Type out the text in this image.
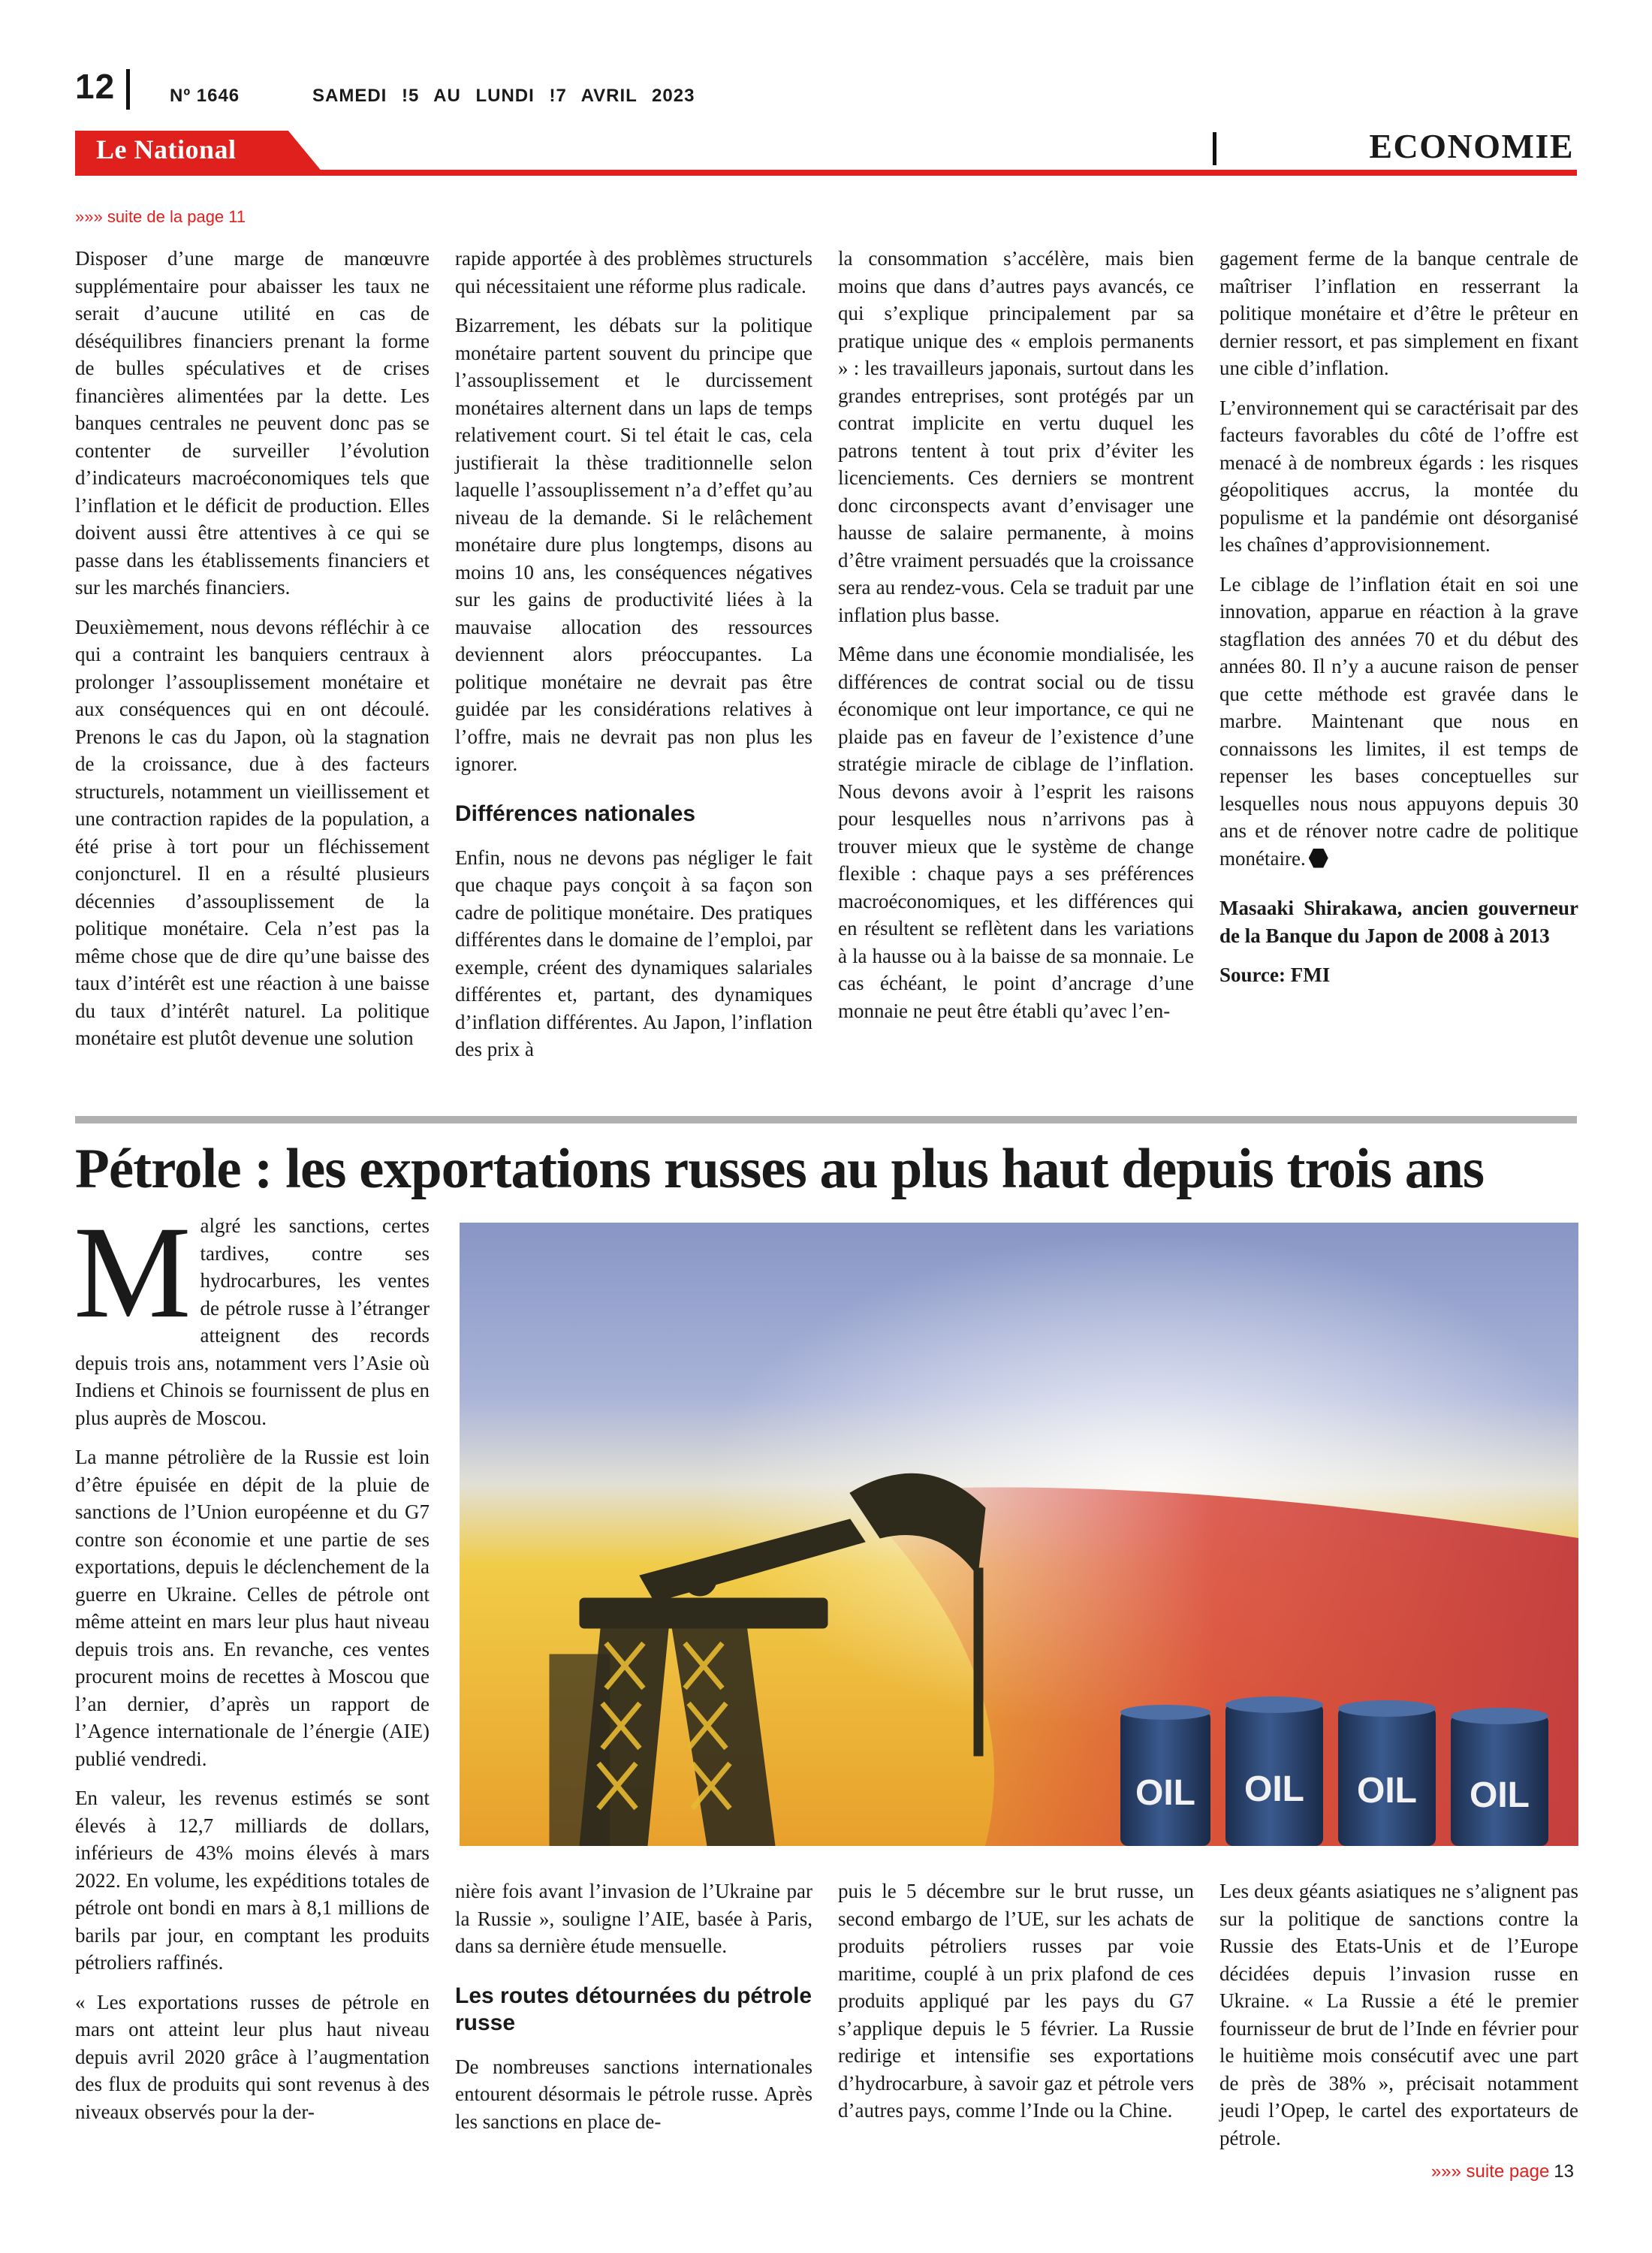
12	Nº 1646	SAMEDI !5 AU LUNDI !7 AVRIL 2023
Le National	ECONOMIE
»»» suite de la page 11

Disposer d’une marge de manœuvre supplémentaire pour abaisser les taux ne serait d’aucune utilité en cas de déséquilibres financiers prenant la forme de bulles spéculatives et de crises financières alimentées par la dette. Les banques centrales ne peuvent donc pas se contenter de surveiller l’évolution d’indicateurs macroéconomiques tels que l’inflation et le déficit de production. Elles doivent aussi être attentives à ce qui se passe dans les établissements financiers et sur les marchés financiers.

Deuxièmement, nous devons réfléchir à ce qui a contraint les banquiers centraux à prolonger l’assouplissement monétaire et aux conséquences qui en ont découlé. Prenons le cas du Japon, où la stagnation de la croissance, due à des facteurs structurels, notamment un vieillissement et une contraction rapides de la population, a été prise à tort pour un fléchissement conjoncturel. Il en a résulté plusieurs décennies d’assouplissement de la politique monétaire. Cela n’est pas la même chose que de dire qu’une baisse des taux d’intérêt est une réaction à une baisse du taux d’intérêt naturel. La politique monétaire est plutôt devenue une solution

rapide apportée à des problèmes structurels qui nécessitaient une réforme plus radicale.

Bizarrement, les débats sur la politique monétaire partent souvent du principe que l’assouplissement et le durcissement monétaires alternent dans un laps de temps relativement court. Si tel était le cas, cela justifierait la thèse traditionnelle selon laquelle l’assouplissement n’a d’effet qu’au niveau de la demande. Si le relâchement monétaire dure plus longtemps, disons au moins 10 ans, les conséquences négatives sur les gains de productivité liées à la mauvaise allocation des ressources deviennent alors préoccupantes. La politique monétaire ne devrait pas être guidée par les considérations relatives à l’offre, mais ne devrait pas non plus les ignorer.

Différences nationales

Enfin, nous ne devons pas négliger le fait que chaque pays conçoit à sa façon son cadre de politique monétaire. Des pratiques différentes dans le domaine de l’emploi, par exemple, créent des dynamiques salariales différentes et, partant, des dynamiques d’inflation différentes. Au Japon, l’inflation des prix à

la consommation s’accélère, mais bien moins que dans d’autres pays avancés, ce qui s’explique principalement par sa pratique unique des « emplois permanents » : les travailleurs japonais, surtout dans les grandes entreprises, sont protégés par un contrat implicite en vertu duquel les patrons tentent à tout prix d’éviter les licenciements. Ces derniers se montrent donc circonspects avant d’envisager une hausse de salaire permanente, à moins d’être vraiment persuadés que la croissance sera au rendez-vous. Cela se traduit par une inflation plus basse.

Même dans une économie mondialisée, les différences de contrat social ou de tissu économique ont leur importance, ce qui ne plaide pas en faveur de l’existence d’une stratégie miracle de ciblage de l’inflation. Nous devons avoir à l’esprit les raisons pour lesquelles nous n’arrivons pas à trouver mieux que le système de change flexible : chaque pays a ses préférences macroéconomiques, et les différences qui en résultent se reflètent dans les variations à la hausse ou à la baisse de sa monnaie. Le cas échéant, le point d’ancrage d’une monnaie ne peut être établi qu’avec l’en-

gagement ferme de la banque centrale de maîtriser l’inflation en resserrant la politique monétaire et d’être le prêteur en dernier ressort, et pas simplement en fixant une cible d’inflation.

L’environnement qui se caractérisait par des facteurs favorables du côté de l’offre est menacé à de nombreux égards : les risques géopolitiques accrus, la montée du populisme et la pandémie ont désorganisé les chaînes d’approvisionnement.

Le ciblage de l’inflation était en soi une innovation, apparue en réaction à la grave stagflation des années 70 et du début des années 80. Il n’y a aucune raison de penser que cette méthode est gravée dans le marbre. Maintenant que nous en connaissons les limites, il est temps de repenser les bases conceptuelles sur lesquelles nous nous appuyons depuis 30 ans et de rénover notre cadre de politique monétaire.

Masaaki Shirakawa, ancien gouverneur de la Banque du Japon de 2008 à 2013

Source: FMI

Pétrole : les exportations russes au plus haut depuis trois ans

Malgré les sanctions, certes tardives, contre ses hydrocarbures, les ventes de pétrole russe à l’étranger atteignent des records depuis trois ans, notamment vers l’Asie où Indiens et Chinois se fournissent de plus en plus auprès de Moscou.

La manne pétrolière de la Russie est loin d’être épuisée en dépit de la pluie de sanctions de l’Union européenne et du G7 contre son économie et une partie de ses exportations, depuis le déclenchement de la guerre en Ukraine. Celles de pétrole ont même atteint en mars leur plus haut niveau depuis trois ans. En revanche, ces ventes procurent moins de recettes à Moscou que l’an dernier, d’après un rapport de l’Agence internationale de l’énergie (AIE) publié vendredi.

En valeur, les revenus estimés se sont élevés à 12,7 milliards de dollars, inférieurs de 43% moins élevés à mars 2022. En volume, les expéditions totales de pétrole ont bondi en mars à 8,1 millions de barils par jour, en comptant les produits pétroliers raffinés.

« Les exportations russes de pétrole en mars ont atteint leur plus haut niveau depuis avril 2020 grâce à l’augmentation des flux de produits qui sont revenus à des niveaux observés pour la der-

OIL OIL OIL OIL

nière fois avant l’invasion de l’Ukraine par la Russie », souligne l’AIE, basée à Paris, dans sa dernière étude mensuelle.

Les routes détournées du pétrole russe

De nombreuses sanctions internationales entourent désormais le pétrole russe. Après les sanctions en place de-

puis le 5 décembre sur le brut russe, un second embargo de l’UE, sur les achats de produits pétroliers russes par voie maritime, couplé à un prix plafond de ces produits appliqué par les pays du G7 s’applique depuis le 5 février. La Russie redirige et intensifie ses exportations d’hydrocarbure, à savoir gaz et pétrole vers d’autres pays, comme l’Inde ou la Chine.

Les deux géants asiatiques ne s’alignent pas sur la politique de sanctions contre la Russie des Etats-Unis et de l’Europe décidées depuis l’invasion russe en Ukraine. « La Russie a été le premier fournisseur de brut de l’Inde en février pour le huitième mois consécutif avec une part de près de 38% », précisait notamment jeudi l’Opep, le cartel des exportateurs de pétrole.

»»» suite page 13
